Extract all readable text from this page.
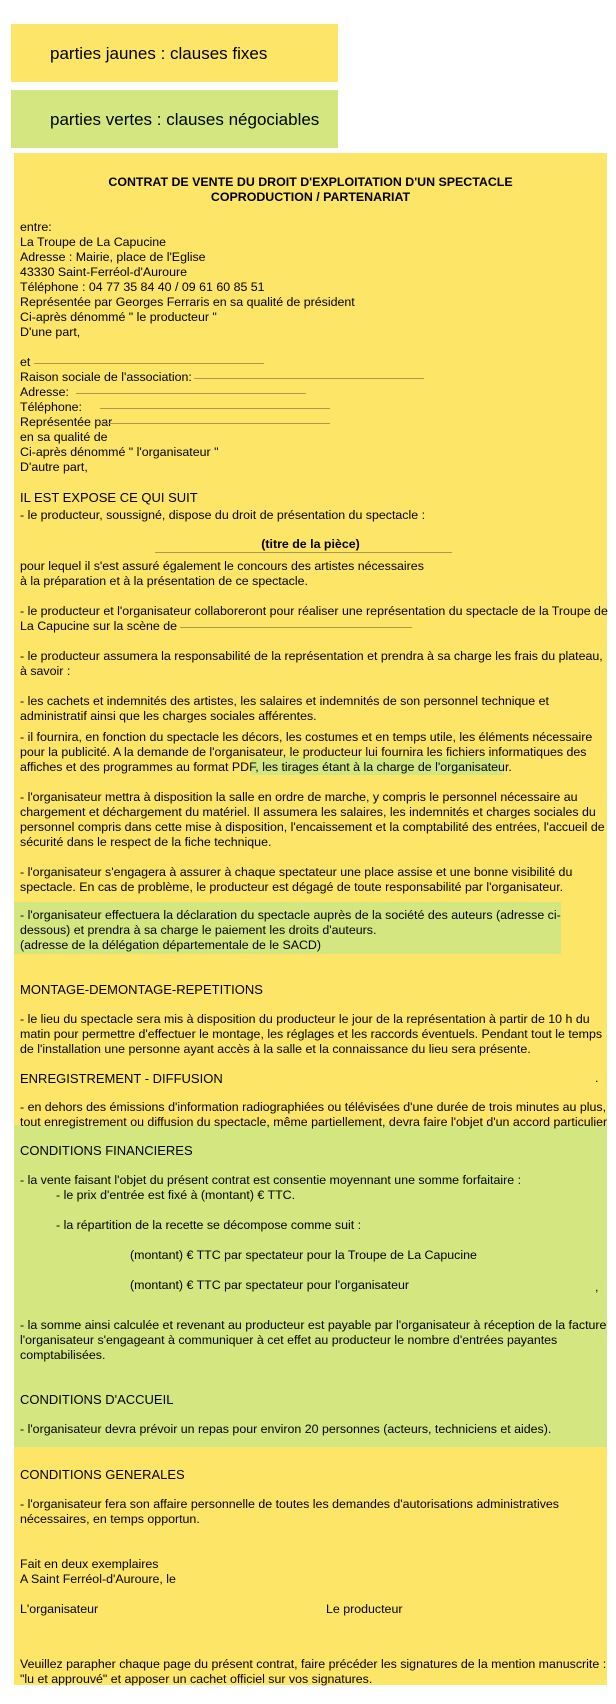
parties jaunes : clauses fixes
parties vertes : clauses négociables
CONTRAT DE VENTE DU DROIT D'EXPLOITATION D'UN SPECTACLE
COPRODUCTION / PARTENARIAT
entre:
La Troupe de La Capucine
Adresse : Mairie, place de l'Eglise
43330 Saint-Ferréol-d'Auroure
Téléphone : 04 77 35 84 40 / 09 61 60 85 51
Représentée par Georges Ferraris en sa qualité de président
Ci-après dénommé " le producteur "
D'une part,
et
Raison sociale de l'association:
Adresse:
Téléphone:
Représentée par
en sa qualité de
Ci-après dénommé " l'organisateur "
D'autre part,
IL EST EXPOSE CE QUI SUIT
- le producteur, soussigné, dispose du droit de présentation du spectacle :
(titre de la pièce)
pour lequel il s'est assuré également le concours des artistes nécessaires
à la préparation et à la présentation de ce spectacle.
- le producteur et l'organisateur collaboreront pour réaliser une représentation du spectacle de la Troupe de
La Capucine sur la scène de
- le producteur assumera la responsabilité de la représentation et prendra à sa charge les frais du plateau,
à savoir :
- les cachets et indemnités des artistes, les salaires et indemnités de son personnel technique et
administratif ainsi que les charges sociales afférentes.
- il fournira, en fonction du spectacle les décors, les costumes et en temps utile, les éléments nécessaire
pour la publicité. A la demande de l'organisateur, le producteur lui fournira les fichiers informatiques des
affiches et des programmes au format PDF, les tirages étant à la charge de l'organisateur.
- l'organisateur mettra à disposition la salle en ordre de marche, y compris le personnel nécessaire au
chargement et déchargement du matériel. Il assumera les salaires, les indemnités et charges sociales du
personnel compris dans cette mise à disposition, l'encaissement et la comptabilité des entrées, l'accueil de
sécurité dans le respect de la fiche technique.
- l'organisateur s'engagera à assurer à chaque spectateur une place assise et une bonne visibilité du
spectacle. En cas de problème, le producteur est dégagé de toute responsabilité par l'organisateur.
- l'organisateur effectuera la déclaration du spectacle auprès de la société des auteurs (adresse ci-
dessous) et prendra à sa charge le paiement les droits d'auteurs.
(adresse de la délégation départementale de le SACD)
MONTAGE-DEMONTAGE-REPETITIONS
- le lieu du spectacle sera mis à disposition du producteur le jour de la représentation à partir de 10 h du
matin pour permettre d'effectuer le montage, les réglages et les raccords éventuels. Pendant tout le temps
de l'installation une personne ayant accès à la salle et la connaissance du lieu sera présente.
ENREGISTREMENT - DIFFUSION	.
- en dehors des émissions d'information radiographiées ou télévisées d'une durée de trois minutes au plus,
tout enregistrement ou diffusion du spectacle, même partiellement, devra faire l'objet d'un accord particulier
CONDITIONS FINANCIERES
- la vente faisant l'objet du présent contrat est consentie moyennant une somme forfaitaire :
- le prix d'entrée est fixé à (montant) € TTC.
- la répartition de la recette se décompose comme suit :
(montant) € TTC par spectateur pour la Troupe de La Capucine
(montant) € TTC par spectateur pour l'organisateur	,
- la somme ainsi calculée et revenant au producteur est payable par l'organisateur à réception de la facture
l'organisateur s'engageant à communiquer à cet effet au producteur le nombre d'entrées payantes
comptabilisées.
CONDITIONS D'ACCUEIL
- l'organisateur devra prévoir un repas pour environ 20 personnes (acteurs, techniciens et aides).
CONDITIONS GENERALES
- l'organisateur fera son affaire personnelle de toutes les demandes d'autorisations administratives
nécessaires, en temps opportun.
Fait en deux exemplaires
A Saint Ferréol-d'Auroure, le
L'organisateur	Le producteur
Veuillez parapher chaque page du présent contrat, faire précéder les signatures de la mention manuscrite :
"lu et approuvé" et apposer un cachet officiel sur vos signatures.
